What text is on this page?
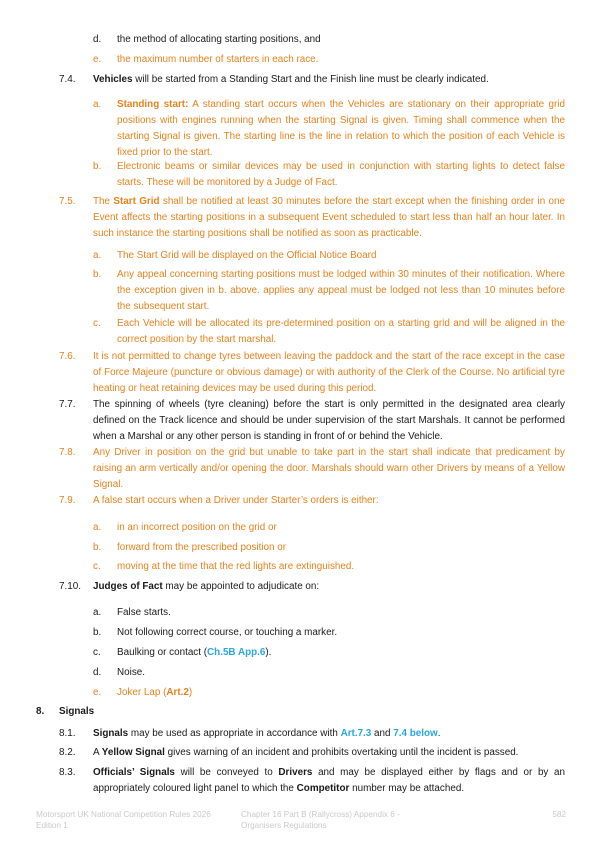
d. the method of allocating starting positions, and
e. the maximum number of starters in each race.
7.4. Vehicles will be started from a Standing Start and the Finish line must be clearly indicated.
a. Standing start: A standing start occurs when the Vehicles are stationary on their appropriate grid positions with engines running when the starting Signal is given. Timing shall commence when the starting Signal is given. The starting line is the line in relation to which the position of each Vehicle is fixed prior to the start.
b. Electronic beams or similar devices may be used in conjunction with starting lights to detect false starts. These will be monitored by a Judge of Fact.
7.5. The Start Grid shall be notified at least 30 minutes before the start except when the finishing order in one Event affects the starting positions in a subsequent Event scheduled to start less than half an hour later. In such instance the starting positions shall be notified as soon as practicable.
a. The Start Grid will be displayed on the Official Notice Board
b. Any appeal concerning starting positions must be lodged within 30 minutes of their notification. Where the exception given in b. above. applies any appeal must be lodged not less than 10 minutes before the subsequent start.
c. Each Vehicle will be allocated its pre-determined position on a starting grid and will be aligned in the correct position by the start marshal.
7.6. It is not permitted to change tyres between leaving the paddock and the start of the race except in the case of Force Majeure (puncture or obvious damage) or with authority of the Clerk of the Course. No artificial tyre heating or heat retaining devices may be used during this period.
7.7. The spinning of wheels (tyre cleaning) before the start is only permitted in the designated area clearly defined on the Track licence and should be under supervision of the start Marshals. It cannot be performed when a Marshal or any other person is standing in front of or behind the Vehicle.
7.8. Any Driver in position on the grid but unable to take part in the start shall indicate that predicament by raising an arm vertically and/or opening the door. Marshals should warn other Drivers by means of a Yellow Signal.
7.9. A false start occurs when a Driver under Starter’s orders is either:
a. in an incorrect position on the grid or
b. forward from the prescribed position or
c. moving at the time that the red lights are extinguished.
7.10. Judges of Fact may be appointed to adjudicate on:
a. False starts.
b. Not following correct course, or touching a marker.
c. Baulking or contact (Ch.5B App.6).
d. Noise.
e. Joker Lap (Art.2)
8. Signals
8.1. Signals may be used as appropriate in accordance with Art.7.3 and 7.4 below.
8.2. A Yellow Signal gives warning of an incident and prohibits overtaking until the incident is passed.
8.3. Officials’ Signals will be conveyed to Drivers and may be displayed either by flags and or by an appropriately coloured light panel to which the Competitor number may be attached.
Motorsport UK National Competition Rules 2026
Edition 1
Chapter 16 Part B (Rallycross) Appendix 6 -
Organisers Regulations
582
